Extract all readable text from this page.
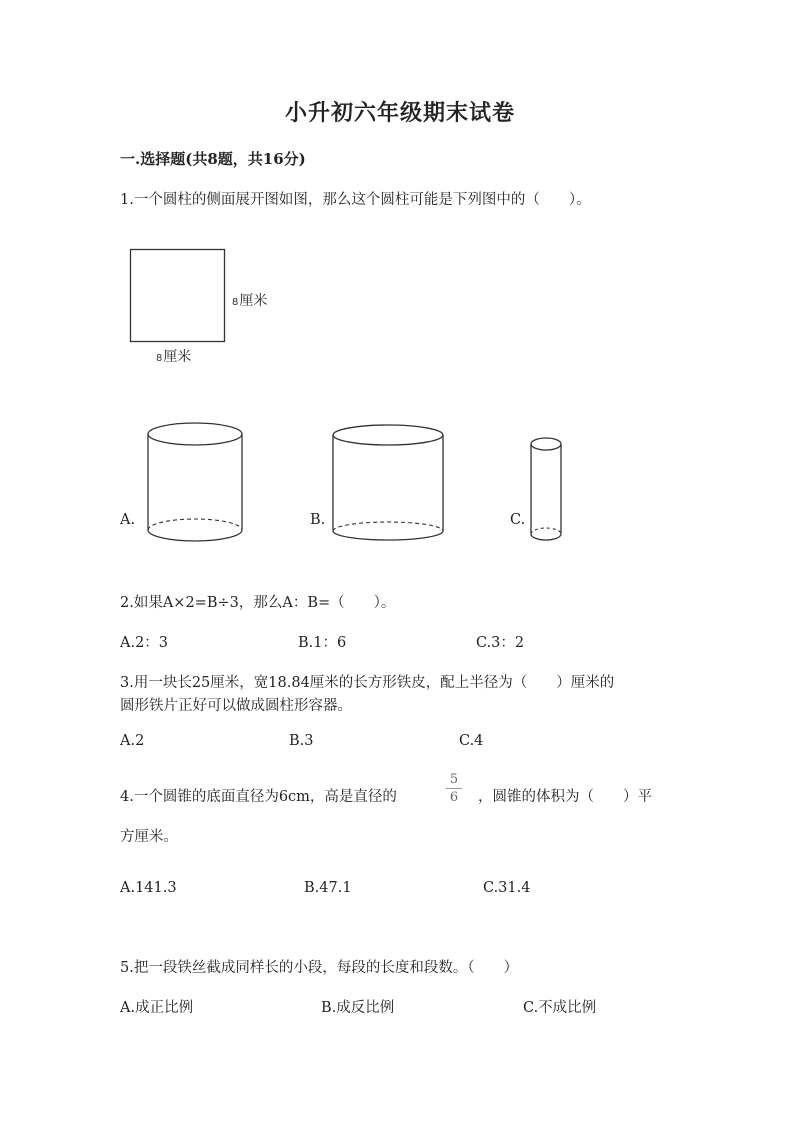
小升初六年级期末试卷
一.选择题(共8题，共16分)
1.一个圆柱的侧面展开图如图，那么这个圆柱可能是下列图中的（　　）。
8厘米
8厘米
A.	B.	C.
2.如果A×2=B÷3，那么A：B=（　　）。
A.2：3	B.1：6	C.3：2
3.用一块长25厘米，宽18.84厘米的长方形铁皮，配上半径为（　　）厘米的
圆形铁片正好可以做成圆柱形容器。
A.2	B.3	C.4
4.一个圆锥的底面直径为6cm，高是直径的
5
6	，圆锥的体积为（　　）平
方厘米。
A.141.3	B.47.1	C.31.4
5.把一段铁丝截成同样长的小段，每段的长度和段数。（　　）
A.成正比例	B.成反比例	C.不成比例
